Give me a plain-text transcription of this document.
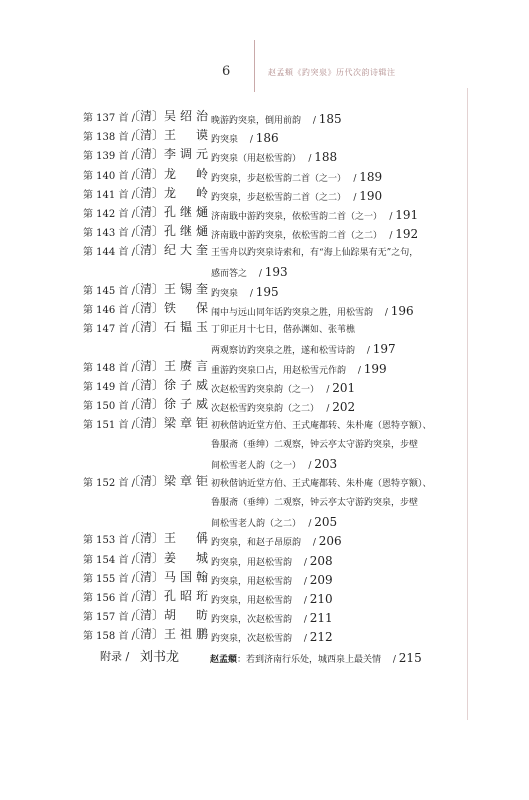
6	赵孟頫《趵突泉》历代次韵诗辑注
第 137 首 /
〔清〕 吴绍治 晚游趵突泉，倒用前韵　 / 185
第 138 首 /
〔清〕 王　谟 趵突泉　 / 186
第 139 首 /
〔清〕 李调元 趵突泉（用赵松雪韵）　 / 188
第 140 首 /
〔清〕 龙　岭 趵突泉，步赵松雪韵二首（之一）　 / 189
第 141 首 /
〔清〕 龙　岭 趵突泉，步赵松雪韵二首（之二）　 / 190
第 142 首 /
〔清〕 孔继熥 济南戢中游趵突泉，依松雪韵二首（之一）　 / 191
第 143 首 /
〔清〕 孔继熥 济南戢中游趵突泉，依松雪韵二首（之二）　 / 192
第 144 首 /
〔清〕 纪大奎 王雪舟以趵突泉诗索和，有“海上仙踪果有无”之句，
感而答之　 / 193
第 145 首 /
〔清〕 王锡奎 趵突泉　 / 195
第 146 首 /
〔清〕 铁　保 闱中与远山同年话趵突泉之胜，用松雪韵　 / 196
第 147 首 /
〔清〕 石韫玉 丁卯正月十七日，偕孙渊如、张苇樵
两观察访趵突泉之胜，遂和松雪诗韵　 / 197
第 148 首 /
〔清〕 王赓言 重游趵突泉口占，用赵松雪元作韵　 / 199
第 149 首 /
〔清〕 徐子威 次赵松雪趵突泉韵（之一）　 / 201
第 150 首 /
〔清〕 徐子威 次赵松雪趵突泉韵（之二）　 / 202
第 151 首 /
〔清〕 梁章钜 初秋偕讷近堂方伯、王式庵都转、朱朴庵（恩特亨额）、
鲁服斋（垂绅）二观察，钟云亭太守游趵突泉，步壁
间松雪老人韵（之一）　 / 203
第 152 首 /
〔清〕 梁章钜 初秋偕讷近堂方伯、王式庵都转、朱朴庵（恩特亨额）、
鲁服斋（垂绅）二观察，钟云亭太守游趵突泉，步壁
间松雪老人韵（之二）　 / 205
第 153 首 /
〔清〕 王　偁 趵突泉，和赵子昂原韵　 / 206
第 154 首 /
〔清〕 姜　城 趵突泉，用赵松雪韵　 / 208
第 155 首 /
〔清〕 马国翰 趵突泉，用赵松雪韵　 / 209
第 156 首 /
〔清〕 孔昭珩 趵突泉，用赵松雪韵　 / 210
第 157 首 /
〔清〕 胡　昉 趵突泉，次赵松雪韵　 / 211
第 158 首 /
〔清〕 王祖鹏 趵突泉，次赵松雪韵　 / 212
附录 / 刘书龙	赵孟頫：若到济南行乐处，城西泉上最关情　 / 215
